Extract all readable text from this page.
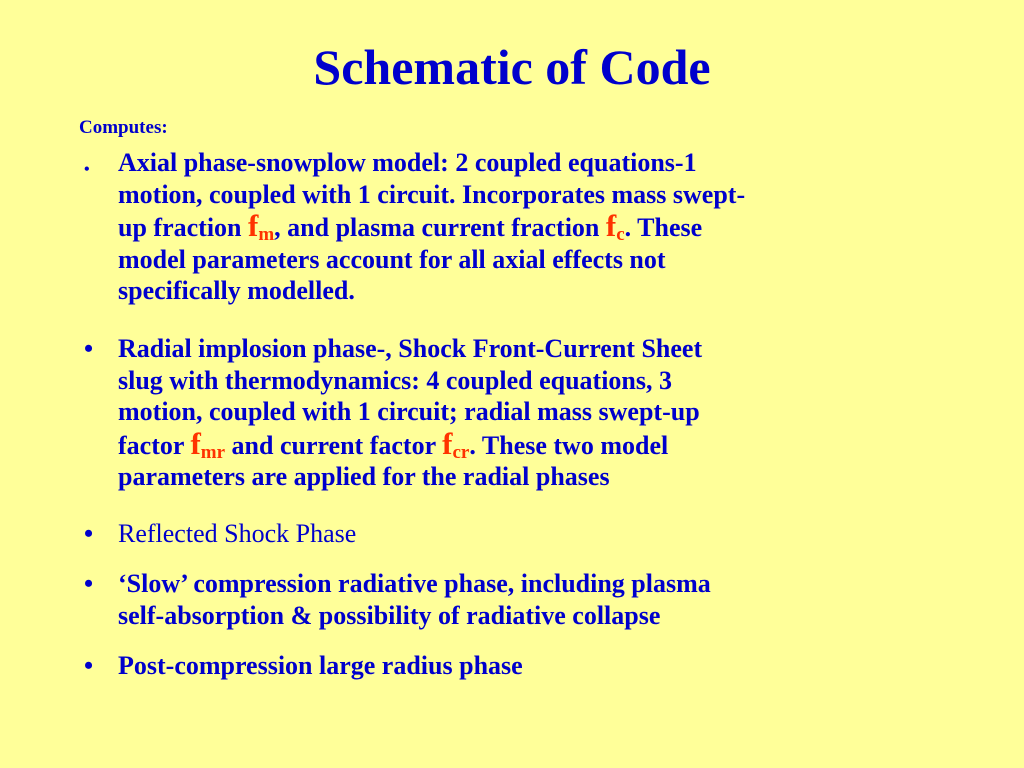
Schematic of Code
Computes:
• Axial phase-snowplow model: 2 coupled equations-1
motion, coupled with 1 circuit. Incorporates mass swept-
up fraction $f_m$, and plasma current fraction $f_c$. These
model parameters account for all axial effects not
specifically modelled.
• Radial implosion phase-, Shock Front-Current Sheet
slug with thermodynamics: 4 coupled equations, 3
motion, coupled with 1 circuit; radial mass swept-up
factor $f_{mr}$ and current factor $f_{cr}$. These two model
parameters are applied for the radial phases
• Reflected Shock Phase
• ‘Slow’ compression radiative phase, including plasma
self-absorption & possibility of radiative collapse
• Post-compression large radius phase
